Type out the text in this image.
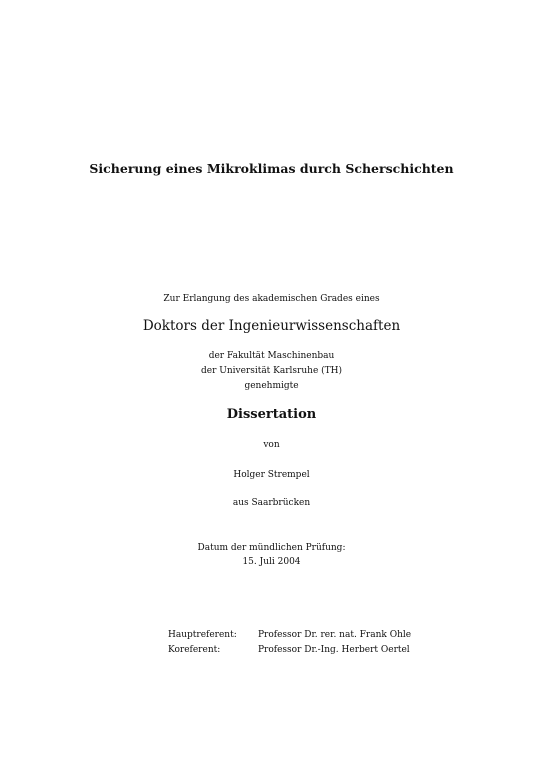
Sicherung eines Mikroklimas durch Scherschichten
Zur Erlangung des akademischen Grades eines
Doktors der Ingenieurwissenschaften
der Fakultät Maschinenbau
der Universität Karlsruhe (TH)
genehmigte
Dissertation
von
Holger Strempel
aus Saarbrücken
Datum der mündlichen Prüfung:
15. Juli 2004
Hauptreferent: Professor Dr. rer. nat. Frank Ohle
Koreferent:	Professor Dr.-Ing. Herbert Oertel
